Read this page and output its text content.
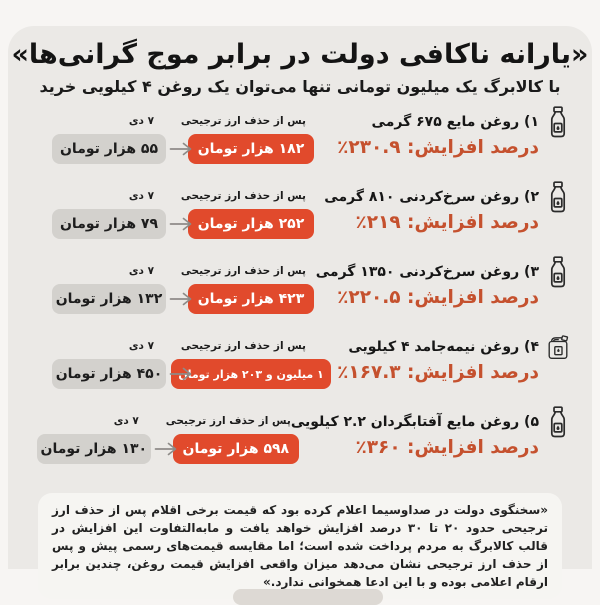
«یارانه ناکافی دولت در برابر موج گرانی‌ها»

با کالابرگ یک میلیون تومانی تنها می‌توان یک روغن ۴ کیلویی خرید

۱) روغن مایع ۶۷۵ گرمی
درصد افزایش: ۲۳۰.۹٪
پس از حذف ارز ترجیحی
۱۸۲ هزار تومان
۷ دی
۵۵ هزار تومان
۲) روغن سرخ‌کردنی ۸۱۰ گرمی
درصد افزایش: ۲۱۹٪
پس از حذف ارز ترجیحی
۲۵۲ هزار تومان
۷ دی
۷۹ هزار تومان
۳) روغن سرخ‌کردنی ۱۳۵۰ گرمی
درصد افزایش: ۲۲۰.۵٪
پس از حذف ارز ترجیحی
۴۲۳ هزار تومان
۷ دی
۱۳۲ هزار تومان
۴) روغن نیمه‌جامد ۴ کیلویی
درصد افزایش: ۱۶۷.۳٪
پس از حذف ارز ترجیحی
۱ میلیون و ۲۰۳ هزار تومان
۷ دی
۴۵۰ هزار تومان
۵) روغن مایع آفتابگردان ۲.۲ کیلویی
درصد افزایش: ۳۶۰٪
پس از حذف ارز ترجیحی
۵۹۸ هزار تومان
۷ دی
۱۳۰ هزار تومان
«سخنگوی دولت در صداوسیما اعلام کرده بود که قیمت برخی اقلام پس از حذف ارز ترجیحی حدود ۲۰ تا ۳۰ درصد افزایش خواهد یافت و مابه‌التفاوت این افزایش در قالب کالابرگ به مردم پرداخت شده است؛ اما مقایسه قیمت‌های رسمی پیش و پس از حذف ارز ترجیحی نشان می‌دهد میزان واقعی افزایش قیمت روغن، چندین برابر ارقام اعلامی بوده و با این ادعا همخوانی ندارد.»
